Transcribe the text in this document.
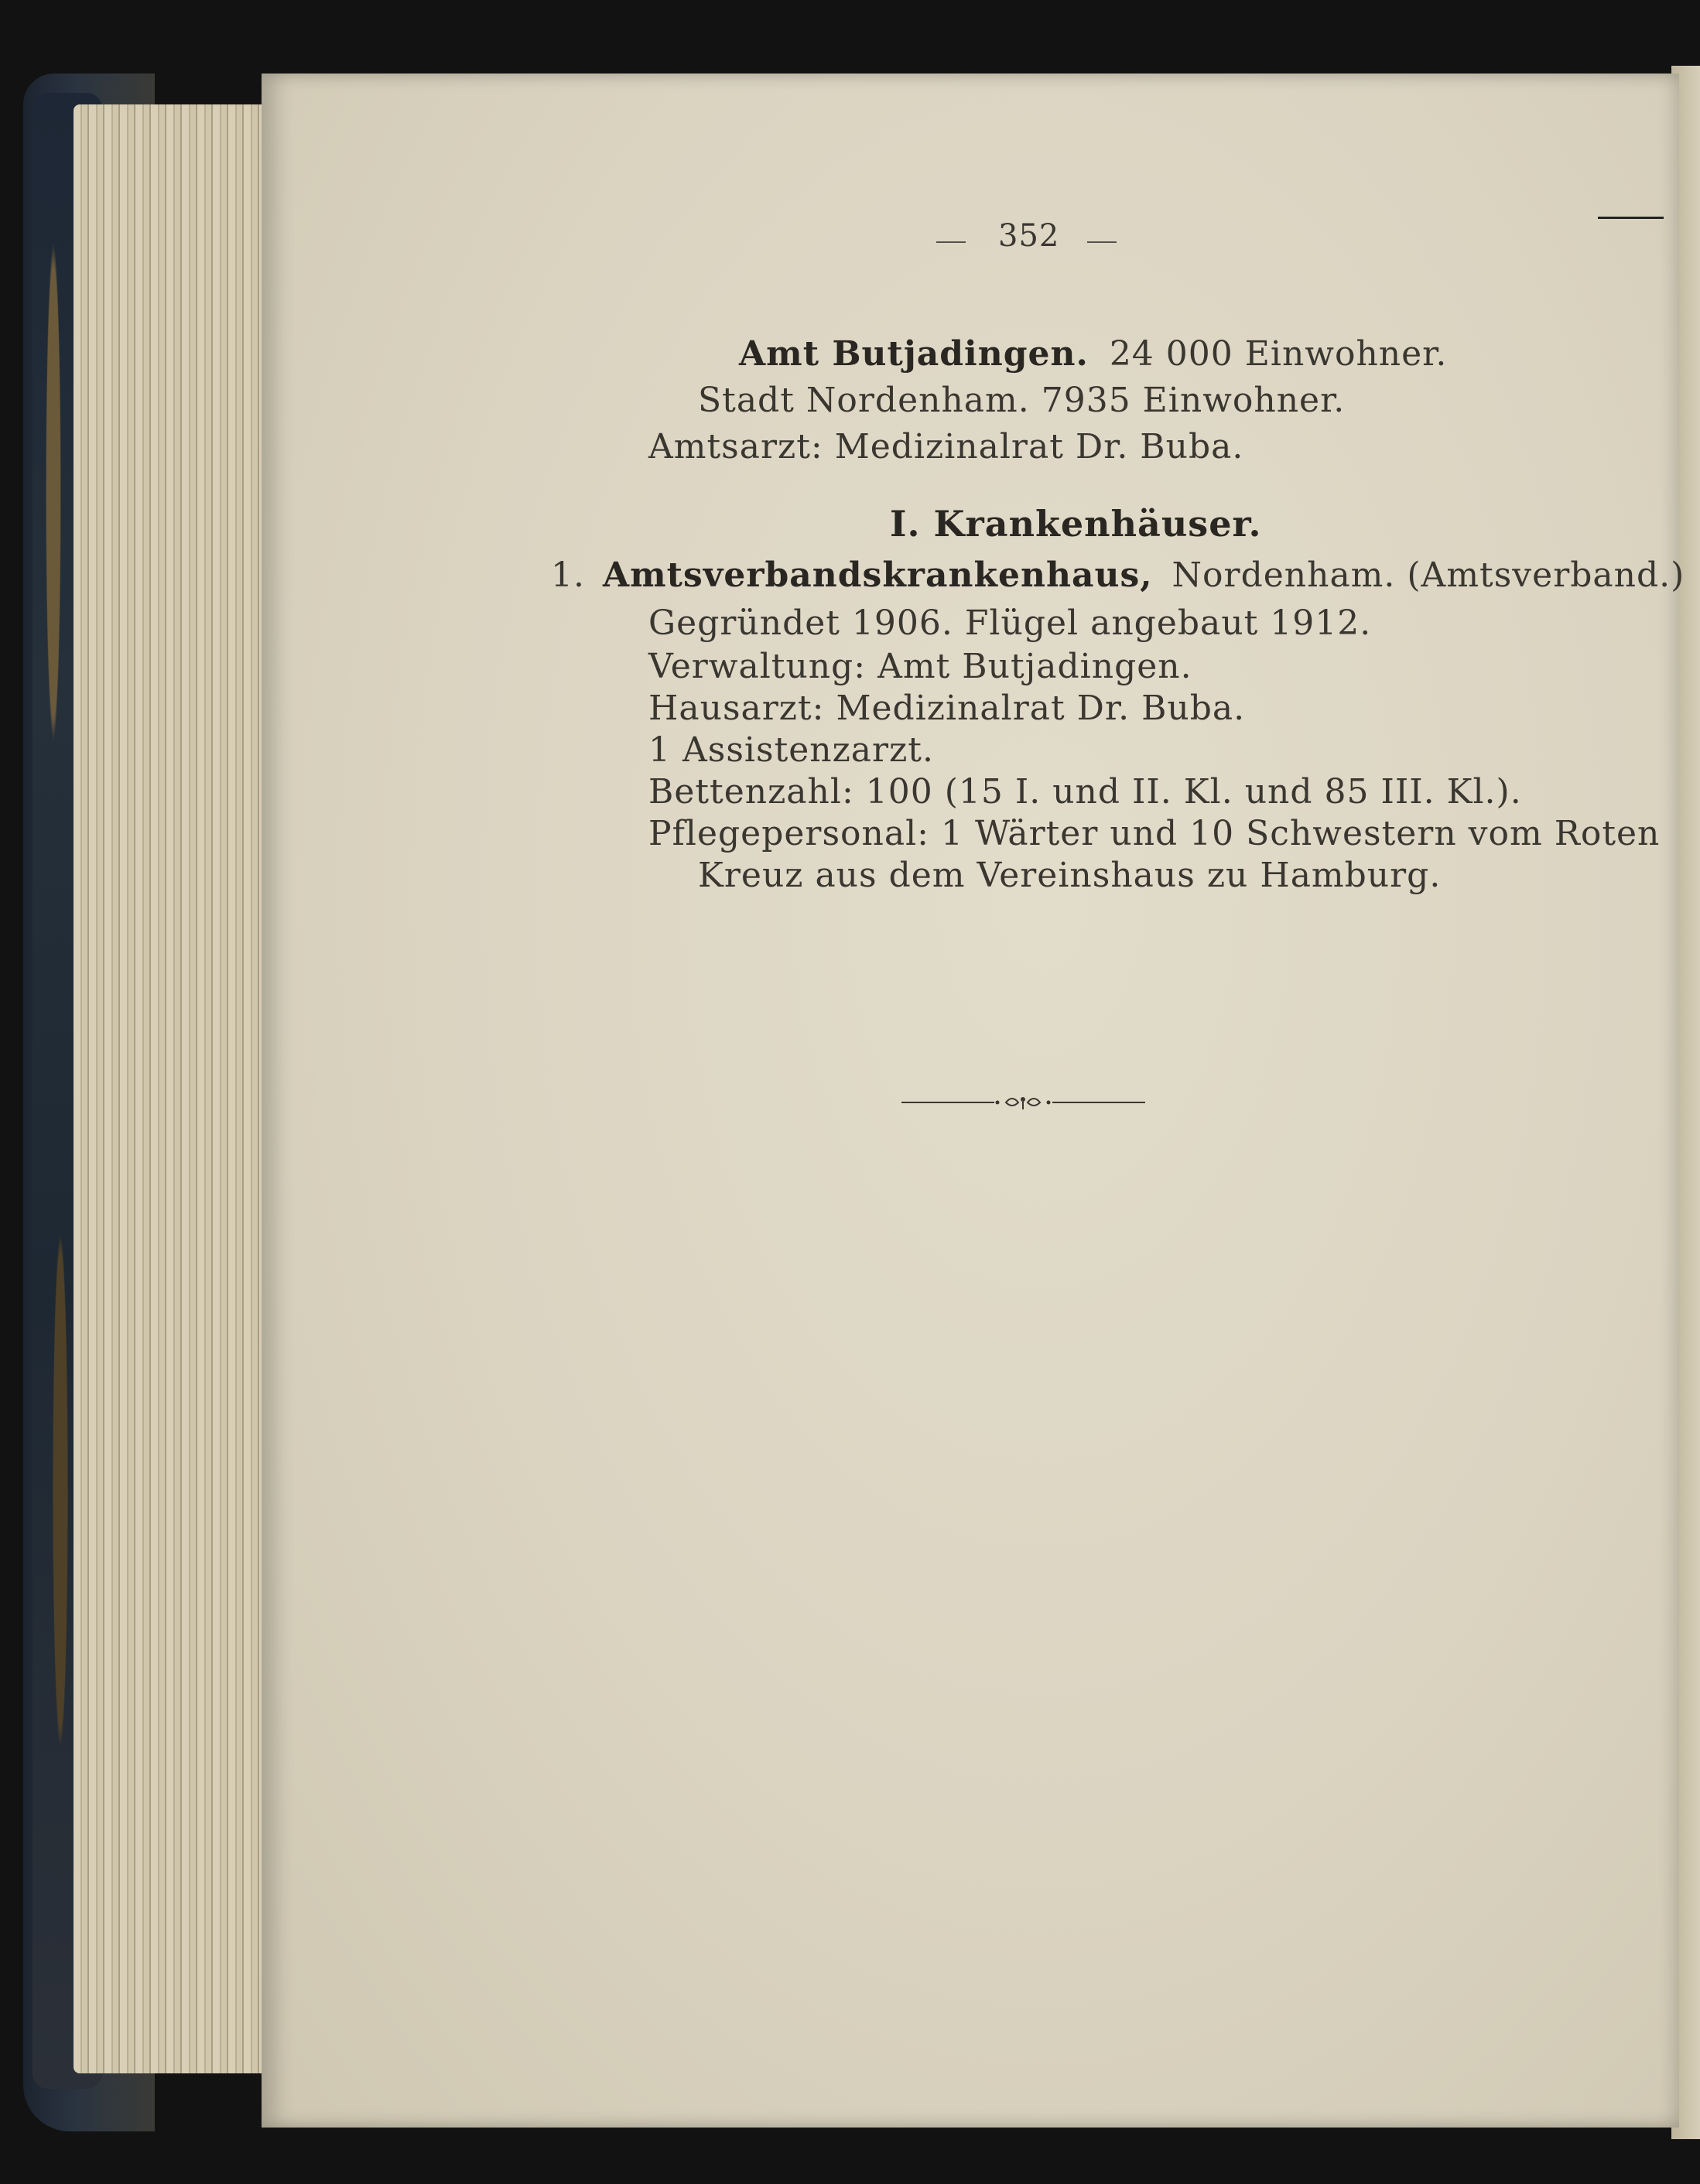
352
Amt Butjadingen. 24 000 Einwohner.
Stadt Nordenham. 7935 Einwohner.
Amtsarzt: Medizinalrat Dr. Buba.
I. Krankenhäuser.
1. Amtsverbandskrankenhaus, Nordenham. (Amtsverband.)
Gegründet 1906. Flügel angebaut 1912.
Verwaltung: Amt Butjadingen.
Hausarzt: Medizinalrat Dr. Buba.
1 Assistenzarzt.
Bettenzahl: 100 (15 I. und II. Kl. und 85 III. Kl.).
Pflegepersonal: 1 Wärter und 10 Schwestern vom Roten
Kreuz aus dem Vereinshaus zu Hamburg.
